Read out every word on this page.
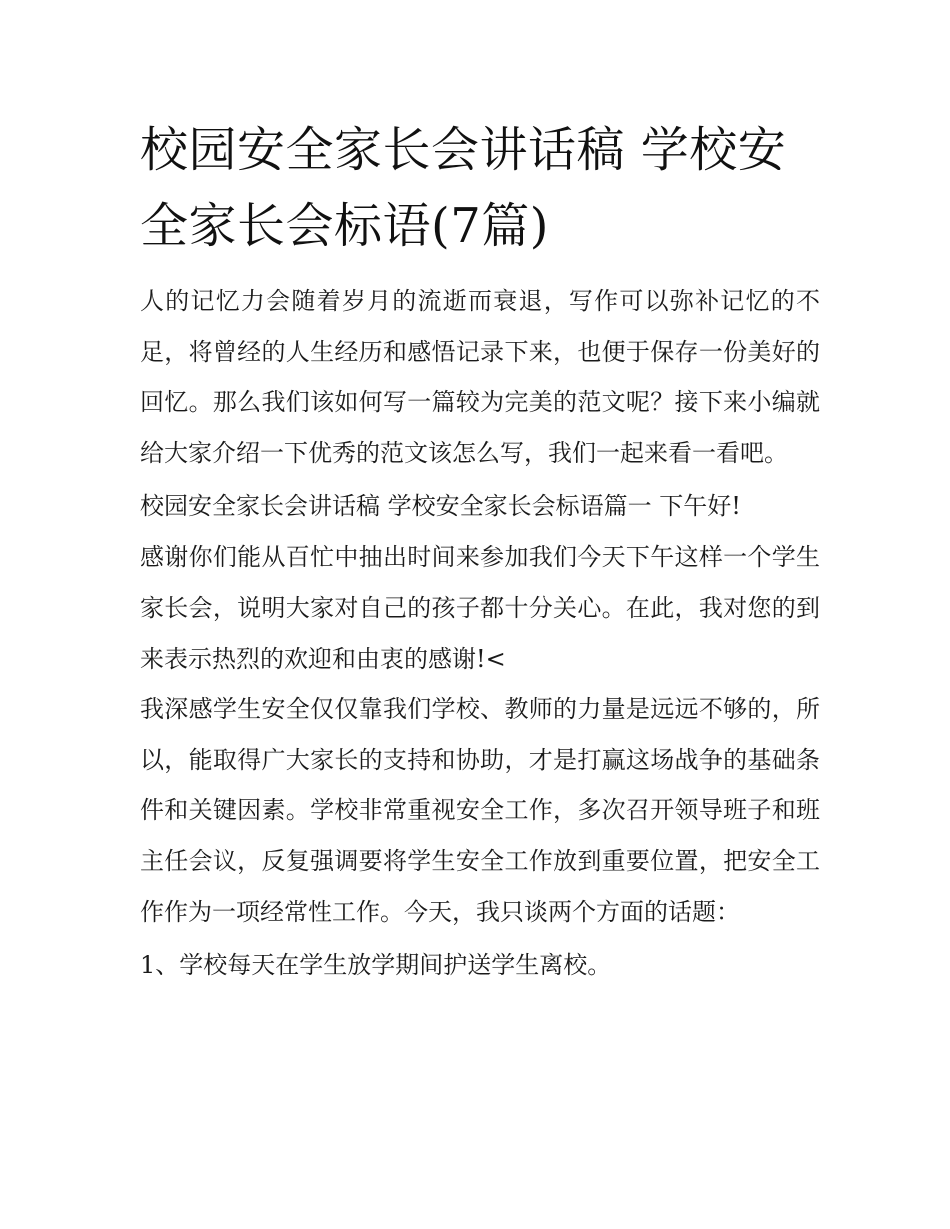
校园安全家长会讲话稿 学校安全家长会标语(7篇)

人的记忆力会随着岁月的流逝而衰退，写作可以弥补记忆的不足，将曾经的人生经历和感悟记录下来，也便于保存一份美好的回忆。那么我们该如何写一篇较为完美的范文呢？接下来小编就给大家介绍一下优秀的范文该怎么写，我们一起来看一看吧。

校园安全家长会讲话稿 学校安全家长会标语篇一 下午好!

感谢你们能从百忙中抽出时间来参加我们今天下午这样一个学生家长会，说明大家对自己的孩子都十分关心。在此，我对您的到来表示热烈的欢迎和由衷的感谢!<

我深感学生安全仅仅靠我们学校、教师的力量是远远不够的，所以，能取得广大家长的支持和协助，才是打赢这场战争的基础条件和关键因素。学校非常重视安全工作，多次召开领导班子和班主任会议，反复强调要将学生安全工作放到重要位置，把安全工作作为一项经常性工作。今天，我只谈两个方面的话题：

1、学校每天在学生放学期间护送学生离校。
